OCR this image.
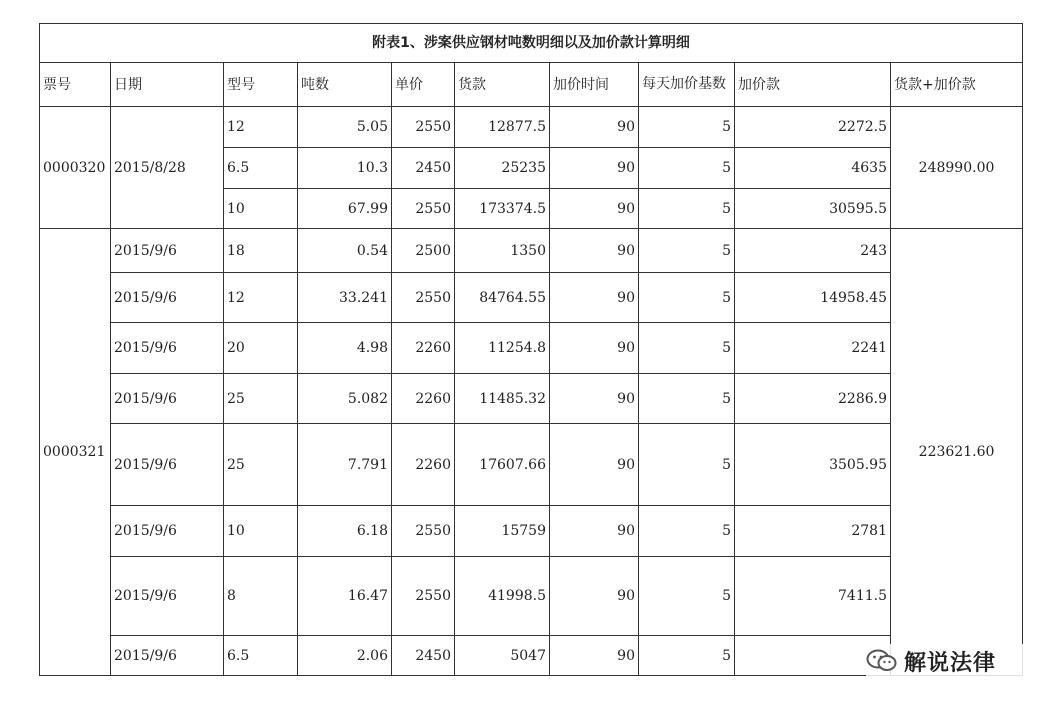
附表1、涉案供应钢材吨数明细以及加价款计算明细									
票号	日期	型号	吨数	单价	货款	加价时间	每天加价基数	加价款	货款+加价款
0000320	2015/8/28	12	5.05	2550	12877.5	90	5	2272.5	248990.00
		6.5	10.3	2450	25235	90	5	4635	
		10	67.99	2550	173374.5	90	5	30595.5	
0000321	2015/9/6	18	0.54	2500	1350	90	5	243	223621.60
	2015/9/6	12	33.241	2550	84764.55	90	5	14958.45	
	2015/9/6	20	4.98	2260	11254.8	90	5	2241	
	2015/9/6	25	5.082	2260	11485.32	90	5	2286.9	
	2015/9/6	25	7.791	2260	17607.66	90	5	3505.95	
	2015/9/6	10	6.18	2550	15759	90	5	2781	
	2015/9/6	8	16.47	2550	41998.5	90	5	7411.5	
	2015/9/6	6.5	2.06	2450	5047	90	5			解说法律
